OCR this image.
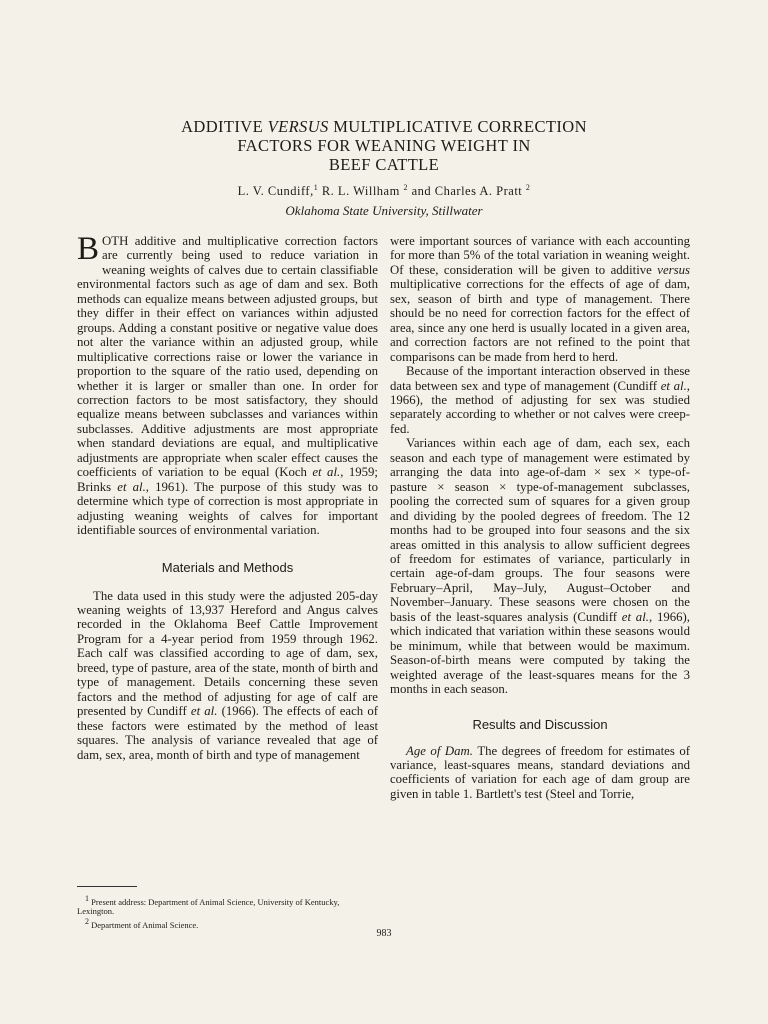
ADDITIVE VERSUS MULTIPLICATIVE CORRECTION
FACTORS FOR WEANING WEIGHT IN
BEEF CATTLE
L. V. Cundiff,$^1$ R. L. Willham $^2$ and Charles A. Pratt $^2$
Oklahoma State University, Stillwater

BOTH additive and multiplicative correction factors are currently being used to reduce variation in weaning weights of calves due to certain classifiable environmental factors such as age of dam and sex. Both methods can equalize means between adjusted groups, but they differ in their effect on variances within adjusted groups. Adding a constant positive or negative value does not alter the variance within an adjusted group, while multiplicative corrections raise or lower the variance in proportion to the square of the ratio used, depending on whether it is larger or smaller than one. In order for correction factors to be most satisfactory, they should equalize means between subclasses and variances within subclasses. Additive adjustments are most appropriate when standard deviations are equal, and multiplicative adjustments are appropriate when scaler effect causes the coefficients of variation to be equal (Koch et al., 1959; Brinks et al., 1961). The purpose of this study was to determine which type of correction is most appropriate in adjusting weaning weights of calves for important identifiable sources of environmental variation.

Materials and Methods

The data used in this study were the adjusted 205-day weaning weights of 13,937 Hereford and Angus calves recorded in the Oklahoma Beef Cattle Improvement Program for a 4-year period from 1959 through 1962. Each calf was classified according to age of dam, sex, breed, type of pasture, area of the state, month of birth and type of management. Details concerning these seven factors and the method of adjusting for age of calf are presented by Cundiff et al. (1966). The effects of each of these factors were estimated by the method of least squares. The analysis of variance revealed that age of dam, sex, area, month of birth and type of management

were important sources of variance with each accounting for more than 5% of the total variation in weaning weight. Of these, consideration will be given to additive versus multiplicative corrections for the effects of age of dam, sex, season of birth and type of management. There should be no need for correction factors for the effect of area, since any one herd is usually located in a given area, and correction factors are not refined to the point that comparisons can be made from herd to herd.

Because of the important interaction observed in these data between sex and type of management (Cundiff et al., 1966), the method of adjusting for sex was studied separately according to whether or not calves were creep-fed.

Variances within each age of dam, each sex, each season and each type of management were estimated by arranging the data into age-of-dam × sex × type-of-pasture × season × type-of-management subclasses, pooling the corrected sum of squares for a given group and dividing by the pooled degrees of freedom. The 12 months had to be grouped into four seasons and the six areas omitted in this analysis to allow sufficient degrees of freedom for estimates of variance, particularly in certain age-of-dam groups. The four seasons were February–April, May–July, August–October and November–January. These seasons were chosen on the basis of the least-squares analysis (Cundiff et al., 1966), which indicated that variation within these seasons would be minimum, while that between would be maximum. Season-of-birth means were computed by taking the weighted average of the least-squares means for the 3 months in each season.

Results and Discussion

Age of Dam. The degrees of freedom for estimates of variance, least-squares means, standard deviations and coefficients of variation for each age of dam group are given in table 1. Bartlett's test (Steel and Torrie,

$^1$ Present address: Department of Animal Science, University of Kentucky, Lexington.
$^2$ Department of Animal Science.
983
